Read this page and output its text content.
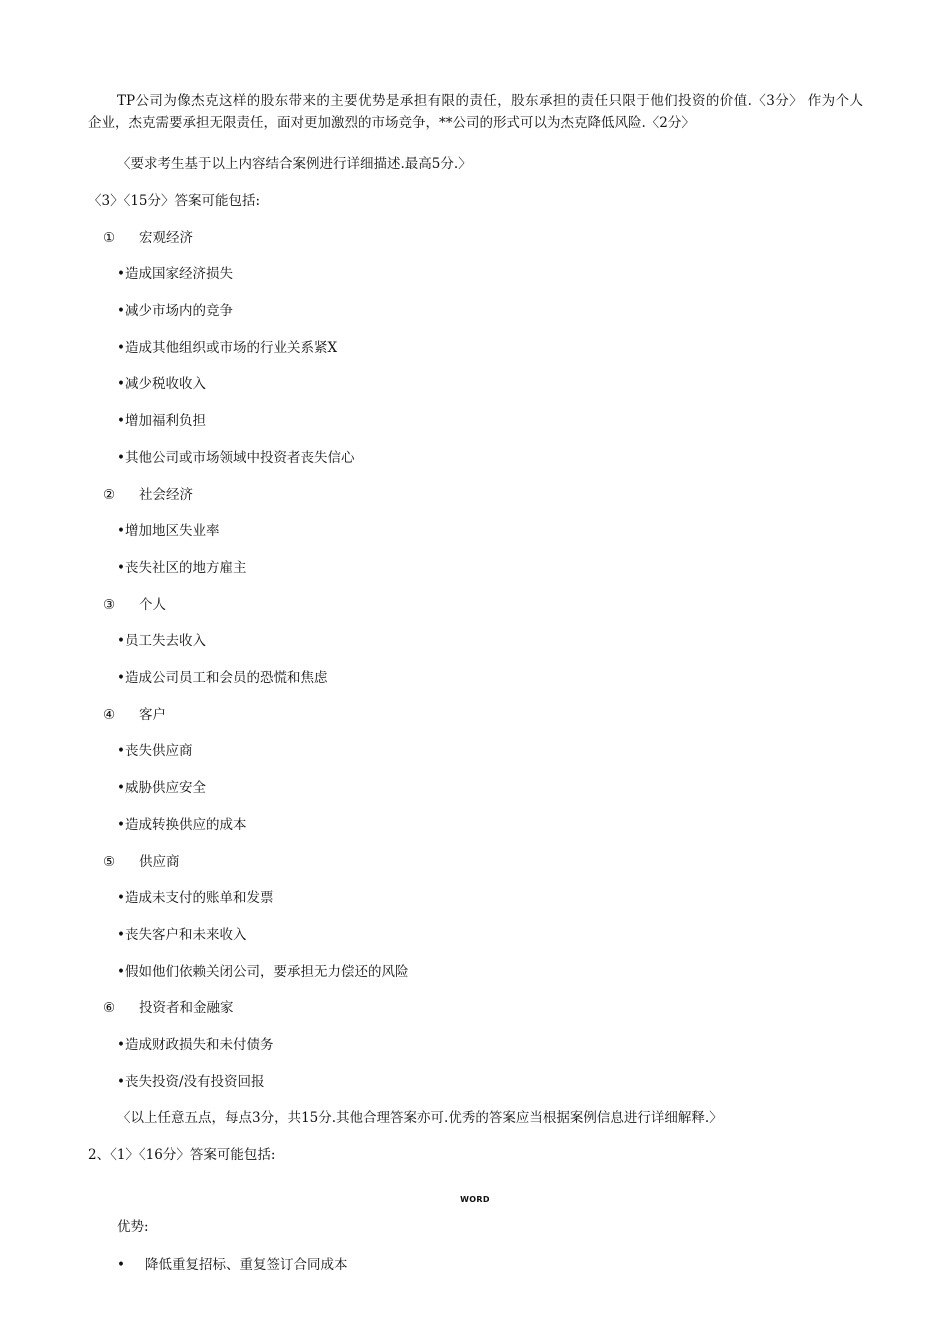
TP公司为像杰克这样的股东带来的主要优势是承担有限的责任，股东承担的责任只限于他们投资的价值.〈3分〉 作为个人
企业，杰克需要承担无限责任，面对更加激烈的市场竞争，**公司的形式可以为杰克降低风险.〈2分〉
〈要求考生基于以上内容结合案例进行详细描述.最高5分.〉
〈3〉〈15分〉答案可能包括:
① 宏观经济
•造成国家经济损失
•减少市场内的竞争
•造成其他组织或市场的行业关系紧X
•减少税收收入
•增加福利负担
•其他公司或市场领域中投资者丧失信心
② 社会经济
•增加地区失业率
•丧失社区的地方雇主
③ 个人
•员工失去收入
•造成公司员工和会员的恐慌和焦虑
④ 客户
•丧失供应商
•威胁供应安全
•造成转换供应的成本
⑤ 供应商
•造成未支付的账单和发票
•丧失客户和未来收入
•假如他们依赖关闭公司，要承担无力偿还的风险
⑥ 投资者和金融家
•造成财政损失和未付债务
•丧失投资/没有投资回报
〈以上任意五点，每点3分，共15分.其他合理答案亦可.优秀的答案应当根据案例信息进行详细解释.〉
2、〈1〉〈16分〉答案可能包括:
WORD
优势:
• 降低重复招标、重复签订合同成本
